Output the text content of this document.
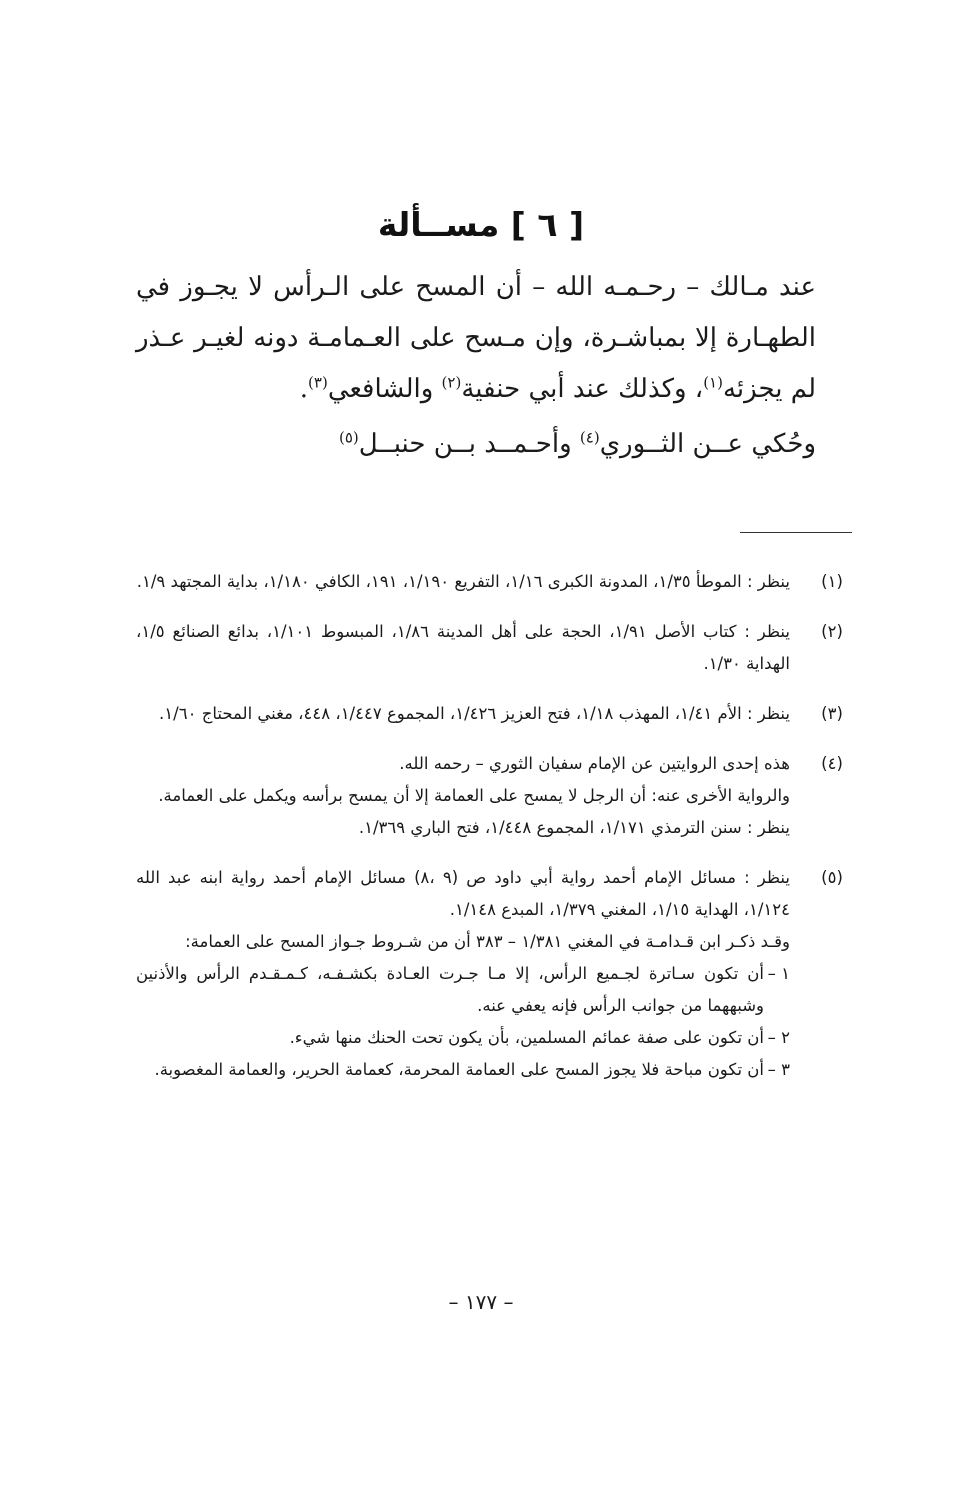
[ ٦ ] مســألة

عند مـالك – رحـمـه الله – أن المسح على الـرأس لا يجـوز في الطهـارة إلا بمباشـرة، وإن مـسح على العـمامـة دونه لغيـر عـذر لم يجزئه$^{(١)}$، وكذلك عند أبي حنفية$^{(٢)}$ والشافعي$^{(٣)}$.

وحُكي عــن الثــوري$^{(٤)}$ وأحـمــد بــن حنبــل$^{(٥)}$

(١)
ينظر : الموطأ ١/٣٥، المدونة الكبرى ١/١٦، التفريع ١/١٩٠، ١٩١، الكافي ١/١٨٠، بداية المجتهد ١/٩.
(٢)
ينظر : كتاب الأصل ١/٩١، الحجة على أهل المدينة ١/٨٦، المبسوط ١/١٠١، بدائع الصنائع ١/٥، الهداية ١/٣٠.
(٣)
ينظر : الأم ١/٤١، المهذب ١/١٨، فتح العزيز ١/٤٢٦، المجموع ١/٤٤٧، ٤٤٨، مغني المحتاج ١/٦٠.
(٤)
هذه إحدى الروايتين عن الإمام سفيان الثوري – رحمه الله.
والرواية الأخرى عنه: أن الرجل لا يمسح على العمامة إلا أن يمسح برأسه ويكمل على العمامة.
ينظر : سنن الترمذي ١/١٧١، المجموع ١/٤٤٨، فتح الباري ١/٣٦٩.
(٥)
ينظر : مسائل الإمام أحمد رواية أبي داود ص (٩ ،٨) مسائل الإمام أحمد رواية ابنه عبد الله ١/١٢٤، الهداية ١/١٥، المغني ١/٣٧٩، المبدع ١/١٤٨.
وقـد ذكـر ابن قـدامـة في المغني ١/٣٨١ – ٣٨٣ أن من شـروط جـواز المسح على العمامة:
١ –
أن تكون سـاترة لجـميع الرأس، إلا مـا جـرت العـادة بكشـفـه، كـمـقـدم الرأس والأذنين وشبههما من جوانب الرأس فإنه يعفي عنه.
٢ –
أن تكون على صفة عمائم المسلمين، بأن يكون تحت الحنك منها شيء.
٣ –
أن تكون مباحة فلا يجوز المسح على العمامة المحرمة، كعمامة الحرير، والعمامة المغصوبة.
– ١٧٧ –
